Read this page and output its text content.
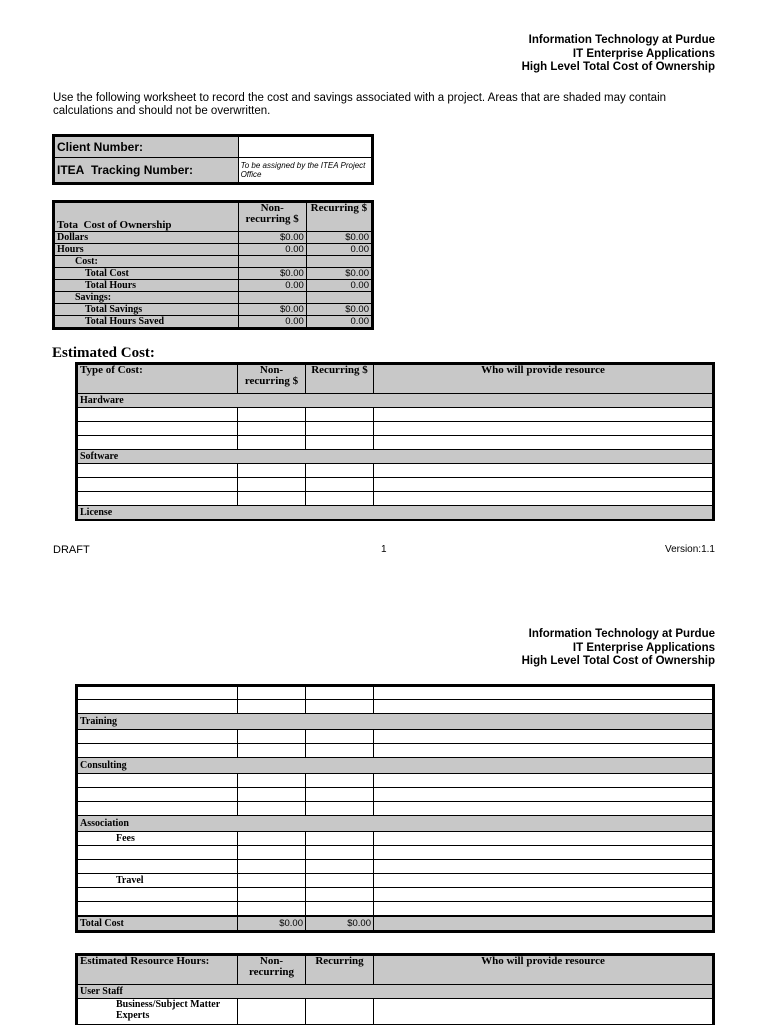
Information Technology at Purdue
IT Enterprise Applications
High Level Total Cost of Ownership
Use the following worksheet to record the cost and savings associated with a project. Areas that are shaded may contain
calculations and should not be overwritten.
Client Number:	
ITEA Tracking Number:	To be assigned by the ITEA Project Office
Tota Cost of Ownership	Non-recurring $	Recurring $
Dollars	$0.00	$0.00
Hours	0.00	0.00
Cost:		
Total Cost	$0.00	$0.00
Total Hours	0.00	0.00
Savings:		
Total Savings	$0.00	$0.00
Total Hours Saved	0.00	0.00
Estimated Cost:
Type of Cost:	Non-recurring $	Recurring $	Who will provide resource
Hardware			

Software			

License			
DRAFT	1	Version:1.1
Information Technology at Purdue
IT Enterprise Applications
High Level Total Cost of Ownership

Training			

Consulting			

Association			
Fees			

Travel			

Total Cost	$0.00	$0.00	
Estimated Resource Hours:	Non-recurring	Recurring	Who will provide resource
User Staff			
Business/Subject Matter Experts			
